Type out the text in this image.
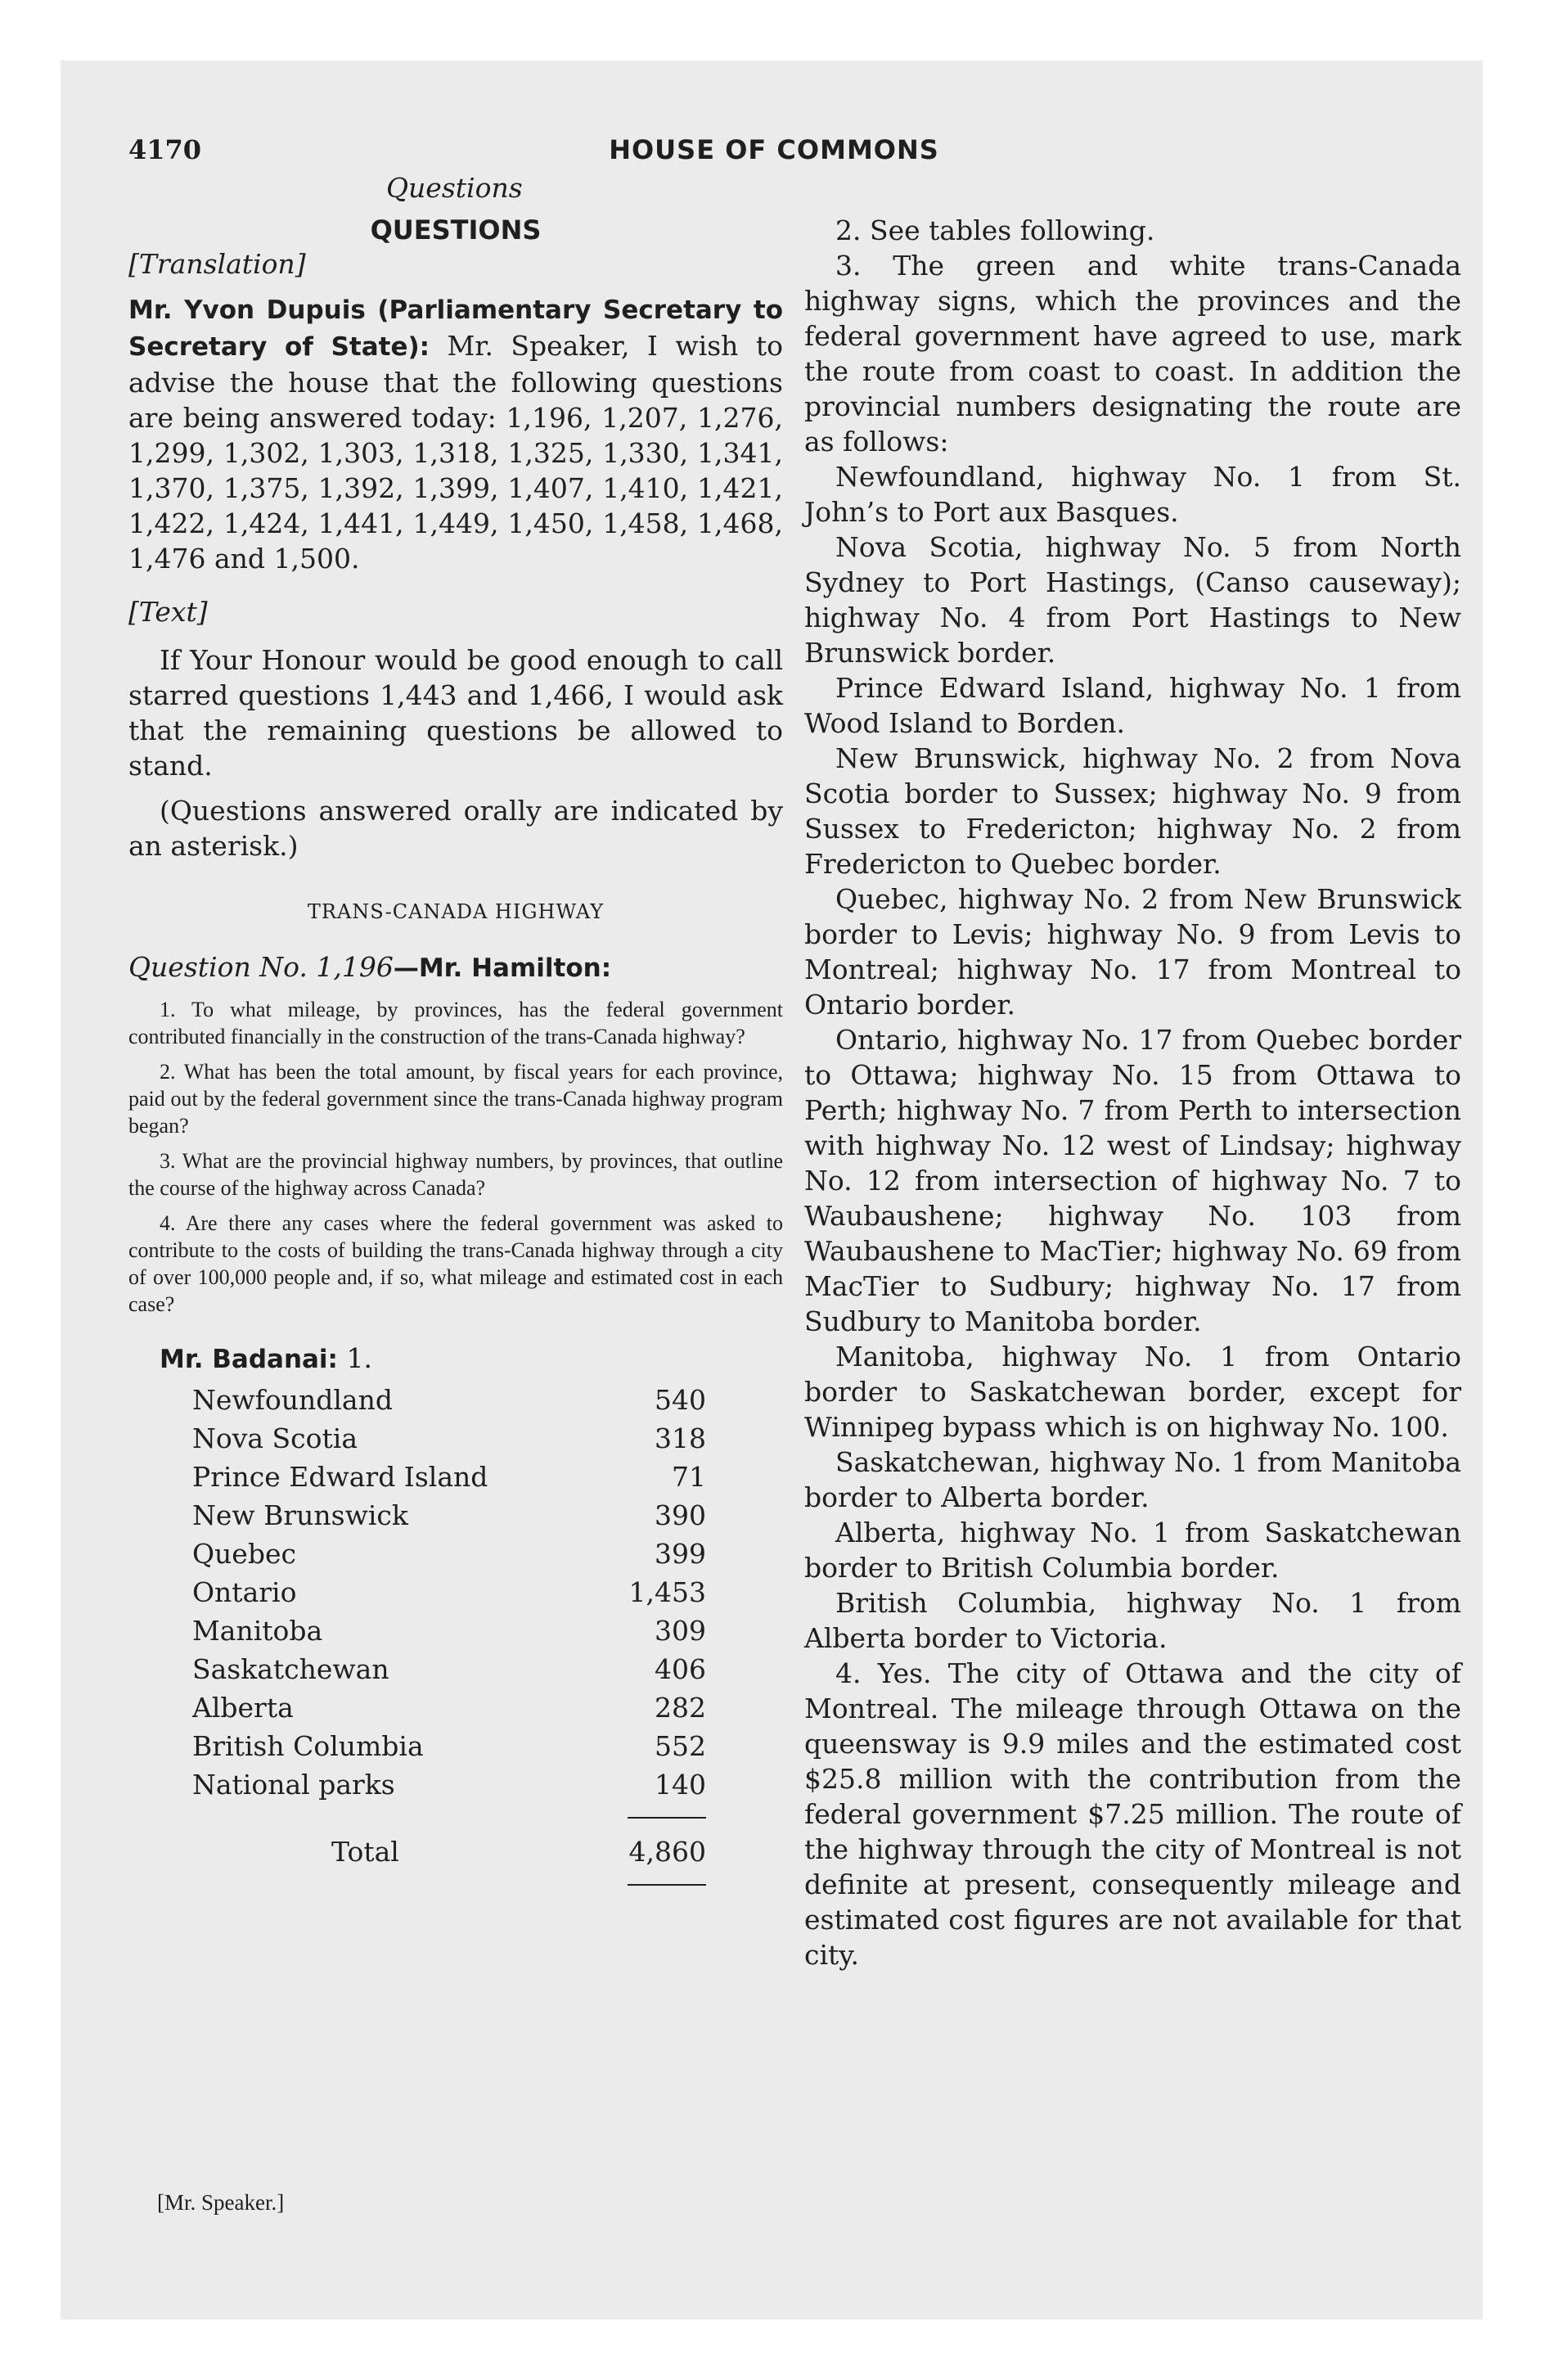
4170	HOUSE OF COMMONS
Questions
QUESTIONS
[Translation]

Mr. Yvon Dupuis (Parliamentary Secretary to Secretary of State): Mr. Speaker, I wish to advise the house that the following questions are being answered today: 1,196, 1,207, 1,276, 1,299, 1,302, 1,303, 1,318, 1,325, 1,330, 1,341, 1,370, 1,375, 1,392, 1,399, 1,407, 1,410, 1,421, 1,422, 1,424, 1,441, 1,449, 1,450, 1,458, 1,468, 1,476 and 1,500.

[Text]

If Your Honour would be good enough to call starred questions 1,443 and 1,466, I would ask that the remaining questions be allowed to stand.

(Questions answered orally are indicated by an asterisk.)

TRANS-CANADA HIGHWAY
Question No. 1,196—Mr. Hamilton:

1. To what mileage, by provinces, has the federal government contributed financially in the construction of the trans-Canada highway?

2. What has been the total amount, by fiscal years for each province, paid out by the federal government since the trans-Canada highway program began?

3. What are the provincial highway numbers, by provinces, that outline the course of the highway across Canada?

4. Are there any cases where the federal government was asked to contribute to the costs of building the trans-Canada highway through a city of over 100,000 people and, if so, what mileage and estimated cost in each case?

Mr. Badanai: 1.

Newfoundland	540
Nova Scotia	318
Prince Edward Island	71
New Brunswick	390
Quebec	399
Ontario	1,453
Manitoba	309
Saskatchewan	406
Alberta	282
British Columbia	552
National parks	140
Total	4,860

2. See tables following.

3. The green and white trans-Canada highway signs, which the provinces and the federal government have agreed to use, mark the route from coast to coast. In addition the provincial numbers designating the route are as follows:

Newfoundland, highway No. 1 from St. John’s to Port aux Basques.

Nova Scotia, highway No. 5 from North Sydney to Port Hastings, (Canso causeway); highway No. 4 from Port Hastings to New Brunswick border.

Prince Edward Island, highway No. 1 from Wood Island to Borden.

New Brunswick, highway No. 2 from Nova Scotia border to Sussex; highway No. 9 from Sussex to Fredericton; highway No. 2 from Fredericton to Quebec border.

Quebec, highway No. 2 from New Brunswick border to Levis; highway No. 9 from Levis to Montreal; highway No. 17 from Montreal to Ontario border.

Ontario, highway No. 17 from Quebec border to Ottawa; highway No. 15 from Ottawa to Perth; highway No. 7 from Perth to intersection with highway No. 12 west of Lindsay; highway No. 12 from intersection of highway No. 7 to Waubaushene; highway No. 103 from Waubaushene to MacTier; highway No. 69 from MacTier to Sudbury; highway No. 17 from Sudbury to Manitoba border.

Manitoba, highway No. 1 from Ontario border to Saskatchewan border, except for Winnipeg bypass which is on highway No. 100.

Saskatchewan, highway No. 1 from Manitoba border to Alberta border.

Alberta, highway No. 1 from Saskatchewan border to British Columbia border.

British Columbia, highway No. 1 from Alberta border to Victoria.

4. Yes. The city of Ottawa and the city of Montreal. The mileage through Ottawa on the queensway is 9.9 miles and the estimated cost $25.8 million with the contribution from the federal government $7.25 million. The route of the highway through the city of Montreal is not definite at present, consequently mileage and estimated cost figures are not available for that city.

[Mr. Speaker.]
